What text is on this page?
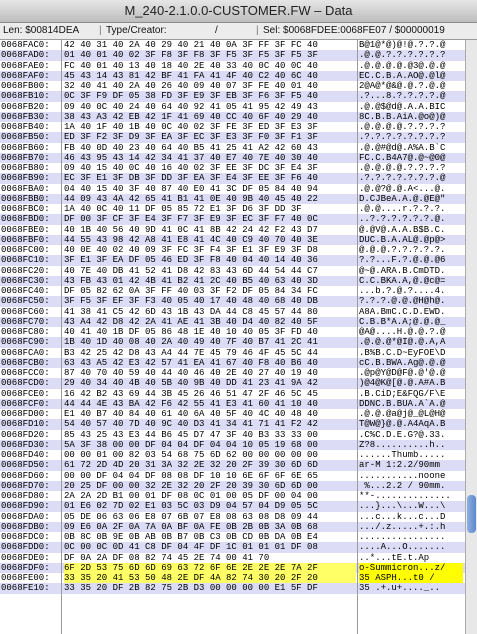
M_240-2.1.0.0-CUSTOMER.FW – Data
Len: $00814DEA | Type/Creator:	/	| Sel: $0068FDEE:0068FE07 / $00000019
0068FAC0:	42 40 31 40 2A 40 29 40 21 40 0A 3F FF 3F FC 40	B@1@*@)@!@.?.?.@
0068FAD0:	01 40 01 40 02 3F F8 3F F8 3F F5 3F F5 3F F5 3F	.@.@.?.?.?.?.?.?
0068FAE0:	FC 40 01 40 13 40 18 40 2E 40 33 40 0C 40 0C 40	.@.@.@.@.@3@.@.@
0068FAF0:	45 43 14 43 81 42 BF 41 FA 41 4F 40 C2 40 6C 40	EC.C.B.A.AO@.@l@
0068FB00:	32 40 41 40 2A 40 26 40 09 40 07 3F FE 40 01 40	2@A@*@&@.@.?.@.@
0068FB10:	0C 3F F9 DF 05 38 FD 3F E9 3F EB 3F F6 3F F5 40	.?...8.?.?.?.?.@
0068FB20:	09 40 0C 40 24 40 64 40 92 41 05 41 95 42 49 43	.@.@$@d@.A.A.BIC
0068FB30:	38 43 A3 42 EB 42 1F 41 69 40 CC 40 6F 40 29 40	8C.B.B.AiA.@o@)@
0068FB40:	1A 40 1F 40 1B 40 0C 40 02 3F FE 3F ED 3F E3 3F	.@.@.@.@.?.?.?.?
0068FB50:	ED 3F F2 3F D9 3F EA 3F EC 3F E3 3F F0 3F F1 3F	.?.?.?.?.?.?.?.?
0068FB60:	FB 40 0D 40 23 40 64 40 B5 41 25 41 A2 42 60 43	.@.@#@d@.A%A.B`C
0068FB70:	46 43 95 43 14 42 34 41 37 40 E7 40 7E 40 30 40	FC.C.B4A7@.@~@0@
0068FB80:	09 40 15 40 0C 40 16 40 02 3F EE 3F DC 3F E4 3F	.@.@.@.@.?.?.?.?
0068FB90:	EC 3F E1 3F DB 3F DD 3F EA 3F E4 3F EE 3F F6 40	.?.?.?.?.?.?.?.@
0068FBA0:	04 40 15 40 3F 40 87 40 E0 41 3C DF 05 84 40 94	.@.@?@.@.A<...@.
0068FBB0:	44 09 43 4A 42 65 41 B1 41 0E 40 9B 40 45 40 22	D.CJBeA.A.@.@E@"
0068FBC0:	1A 40 0C 40 11 DF 05 85 72 E1 3F D6 3F DD 3F	.@.@....r.?.?.?.
0068FBD0:	DF 00 3F CF 3F E4 3F F7 3F E9 3F EC 3F F7 40 0C	..?.?.?.?.?.?.@.
0068FBE0:	40 1B 40 56 40 9D 41 0C 41 8B 42 24 42 F2 43 D7	@.@V@.A.A.B$B.C.
0068FBF0:	44 55 43 98 42 A8 41 E8 41 4C 40 C9 40 70 40 3E	DUC.B.A.AL@.@p@>
0068FC00:	40 0E 40 02 40 09 3F FC 3F F4 3F E1 3F E9 3F D8	@.@.@.?.?.?.?.?.
0068FC10:	3F E1 3F EA DF 05 46 ED 3F F8 40 04 40 14 40 36	?.?...F.?.@.@.@6
0068FC20:	40 7E 40 DB 41 52 41 D8 42 83 43 6D 44 54 44 C7	@~@.ARA.B.CmDTD.
0068FC30:	43 FB 43 01 42 4B 41 B2 41 2C 40 B5 40 63 40 3D	C.C.BKA.A,@.@c@=
0068FC40:	DF 05 82 62 0A 3F FF 40 03 3F F2 DF 05 84 34 FC	...b.?.@.?....4.
0068FC50:	3F F5 3F EF 3F F3 40 05 40 17 40 48 40 68 40 DB	?.?.?.@.@.@H@h@.
0068FC60:	41 38 41 C5 42 6D 43 1B 43 DA 44 C8 45 57 44 80	A8A.BmC.C.D.EWD.
0068FC70:	43 A4 42 D8 42 2A 41 AE 41 3B 40 D4 40 82 40 5F	C.B.B*A.A;@.@.@_
0068FC80:	40 41 40 1B DF 05 86 48 1E 40 10 40 05 3F FD 40	@A@....H.@.@.?.@
0068FC90:	1B 40 1D 40 08 40 2A 40 49 40 7F 40 B7 41 2C 41	.@.@.@*@I@.@.A,A
0068FCA0:	B3 42 25 42 D8 43 A4 44 7E 45 79 46 4F 45 5C 44	.B%B.C.D~EyFOE\D
0068FCB0:	63 43 A5 42 E3 42 57 41 EA 41 67 40 F8 40 B6 40	cC.B.BWA.Ag@.@.@
0068FCC0:	87 40 70 40 59 40 44 40 46 40 2E 40 27 40 19 40	.@p@Y@D@F@.@'@.@
0068FCD0:	29 40 34 40 4B 40 5B 40 9B 40 DD 41 23 41 9A 42	)@4@K@[@.@.A#A.B
0068FCE0:	16 42 B2 43 69 44 3B 45 26 46 51 47 2F 46 5C 45	.B.CiD;E&FQG/F\E
0068FCF0:	44 44 4E 43 BA 42 F6 42 55 41 E3 41 60 41 10 40	DDNC.B.BUA.A`A.@
0068FD00:	E1 40 B7 40 84 40 61 40 6A 40 5F 40 4C 40 48 40	.@.@.@a@j@_@L@H@
0068FD10:	54 40 57 40 7D 40 9C 40 D3 41 34 41 71 41 F2 42	T@W@}@.@.A4AqA.B
0068FD20:	85 43 25 43 E3 44 B6 45 D7 47 3F 40 B3 33 33 00	.C%C.D.E.G?@.33.
0068FD30:	5A 3F 38 00 00 DF 04 04 DF 04 04 10 05 19 68 00	Z?8..........h..
0068FD40:	00 00 01 00 82 03 54 68 75 6D 62 00 00 00 00 00	......Thumb.....
0068FD50:	61 72 2D 4D 20 31 3A 32 2E 32 20 2F 39 30 6D 6D	ar-M 1:2.2/90mm
0068FD60:	00 00 DF 04 04 DF 08 08 DF 10 10 6E 6F 6F 6E 65	...........noone
0068FD70:	20 25 DF 00 00 32 2E 32 20 2F 20 39 30 6D 6D 00	%...2.2 / 90mm.
0068FD80:	2A 2A 2D B1 00 01 DF 08 0C 01 00 05 DF 00 04 00	**-..............
0068FD90:	01 E6 02 7D 02 E1 03 5C 03 D9 04 57 04 D9 05 5C	...}...\...W...\
0068FDA0:	05 DE 06 63 06 E8 07 6B 07 E8 08 63 08 D8 09 44	...c...k...c...D
0068FDB0:	09 E6 0A 2F 0A 7A 0A BF 0A FE 0B 2B 0B 3A 0B 68	.../.z.....+.:.h
0068FDC0:	0B 8C 0B 9E 0B AB 0B B7 0B C3 0B CD 0B DA 0B E4	................
0068FDD0:	0C 00 0C 0D 41 C8 DF 04 4F DF 1C 01 01 01 DF 08	....A...O.......
0068FDE0:	DF 0A 2A DF 08 82 74 45 2E 74 00 41 70	..*...tE.t.Ap
0068FDF0:	6F 2D 53 75 6D 6D 69 63 72 6F 6E 2E 2E 2E 7A 2F	o-Summicron...z/
0068FE00:	33 35 20 41 53 50 48 2E DF 4A 82 74 30 20 2F 20	35 ASPH...t0 /
0068FE10:	33 35 20 DF 2B 82 75 2B D3 00 00 00 00 E1 5F DF	35 .+.u+...._..
